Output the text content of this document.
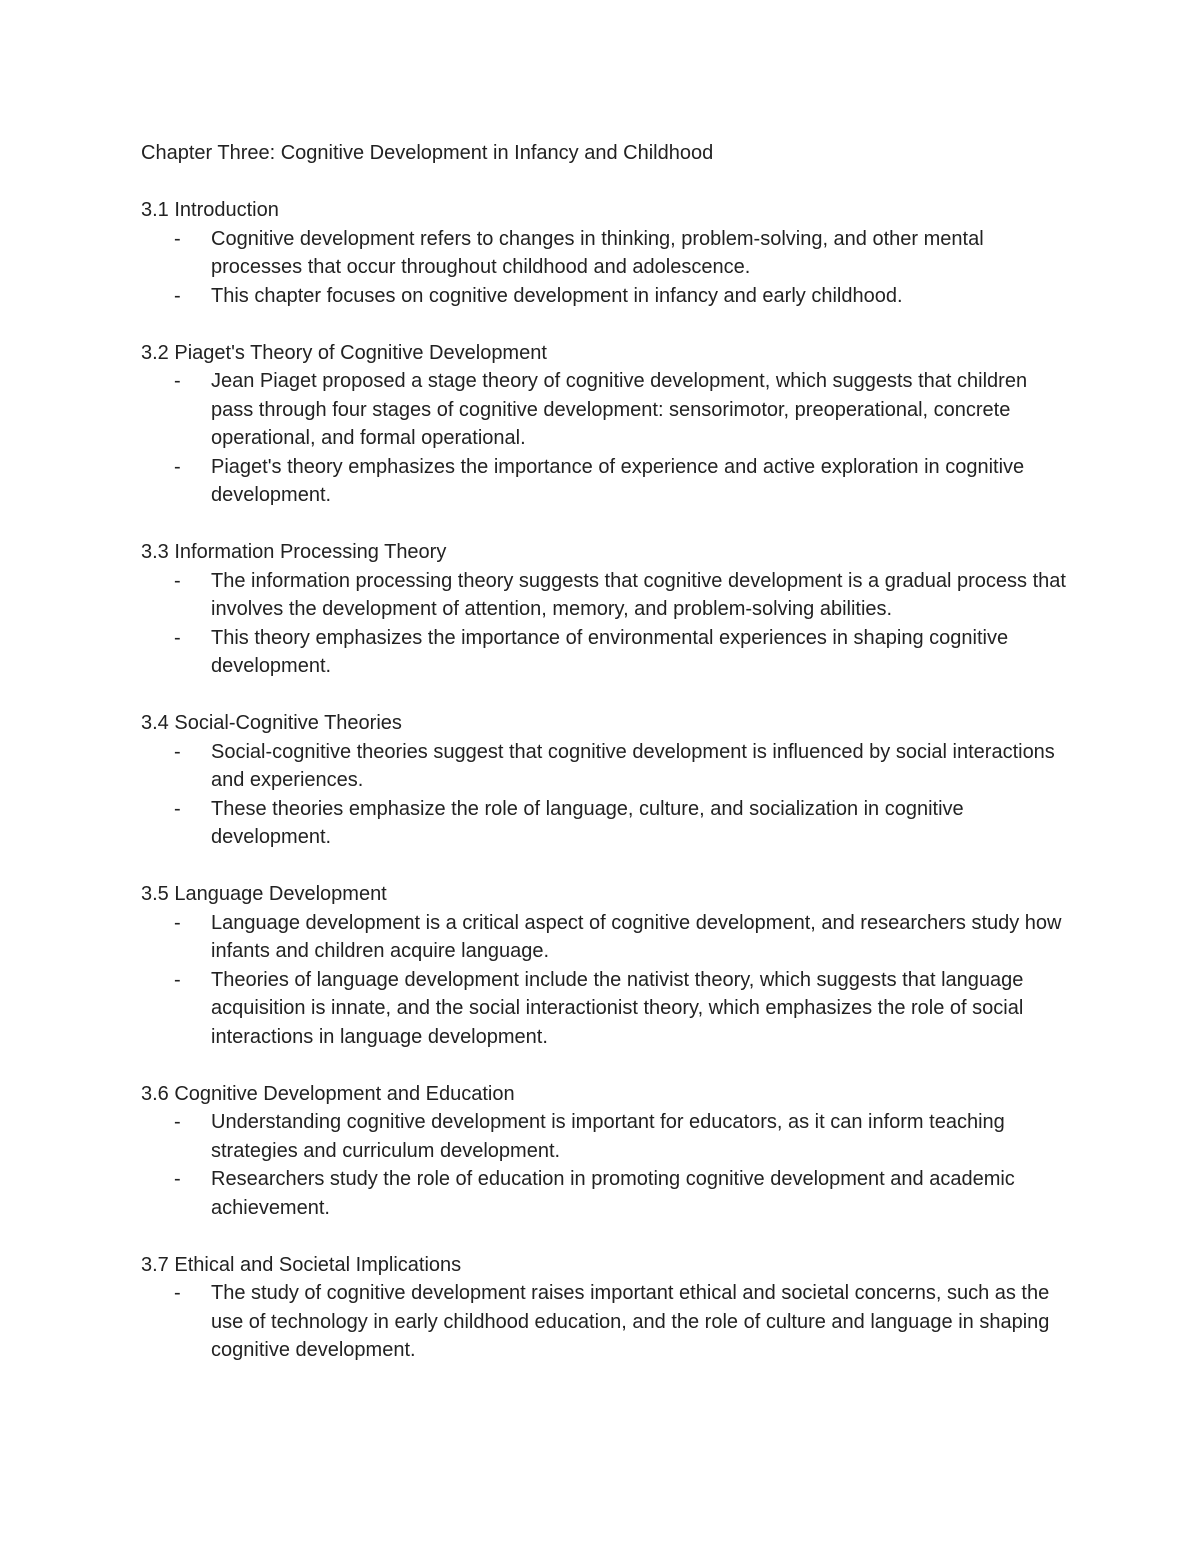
Chapter Three: Cognitive Development in Infancy and Childhood
3.1 Introduction
- Cognitive development refers to changes in thinking, problem-solving, and other mental processes that occur throughout childhood and adolescence.
- This chapter focuses on cognitive development in infancy and early childhood.
3.2 Piaget's Theory of Cognitive Development
- Jean Piaget proposed a stage theory of cognitive development, which suggests that children pass through four stages of cognitive development: sensorimotor, preoperational, concrete operational, and formal operational.
- Piaget's theory emphasizes the importance of experience and active exploration in cognitive development.
3.3 Information Processing Theory
- The information processing theory suggests that cognitive development is a gradual process that involves the development of attention, memory, and problem-solving abilities.
- This theory emphasizes the importance of environmental experiences in shaping cognitive development.
3.4 Social-Cognitive Theories
- Social-cognitive theories suggest that cognitive development is influenced by social interactions and experiences.
- These theories emphasize the role of language, culture, and socialization in cognitive development.
3.5 Language Development
- Language development is a critical aspect of cognitive development, and researchers study how infants and children acquire language.
- Theories of language development include the nativist theory, which suggests that language acquisition is innate, and the social interactionist theory, which emphasizes the role of social interactions in language development.
3.6 Cognitive Development and Education
- Understanding cognitive development is important for educators, as it can inform teaching strategies and curriculum development.
- Researchers study the role of education in promoting cognitive development and academic achievement.
3.7 Ethical and Societal Implications
- The study of cognitive development raises important ethical and societal concerns, such as the use of technology in early childhood education, and the role of culture and language in shaping cognitive development.
